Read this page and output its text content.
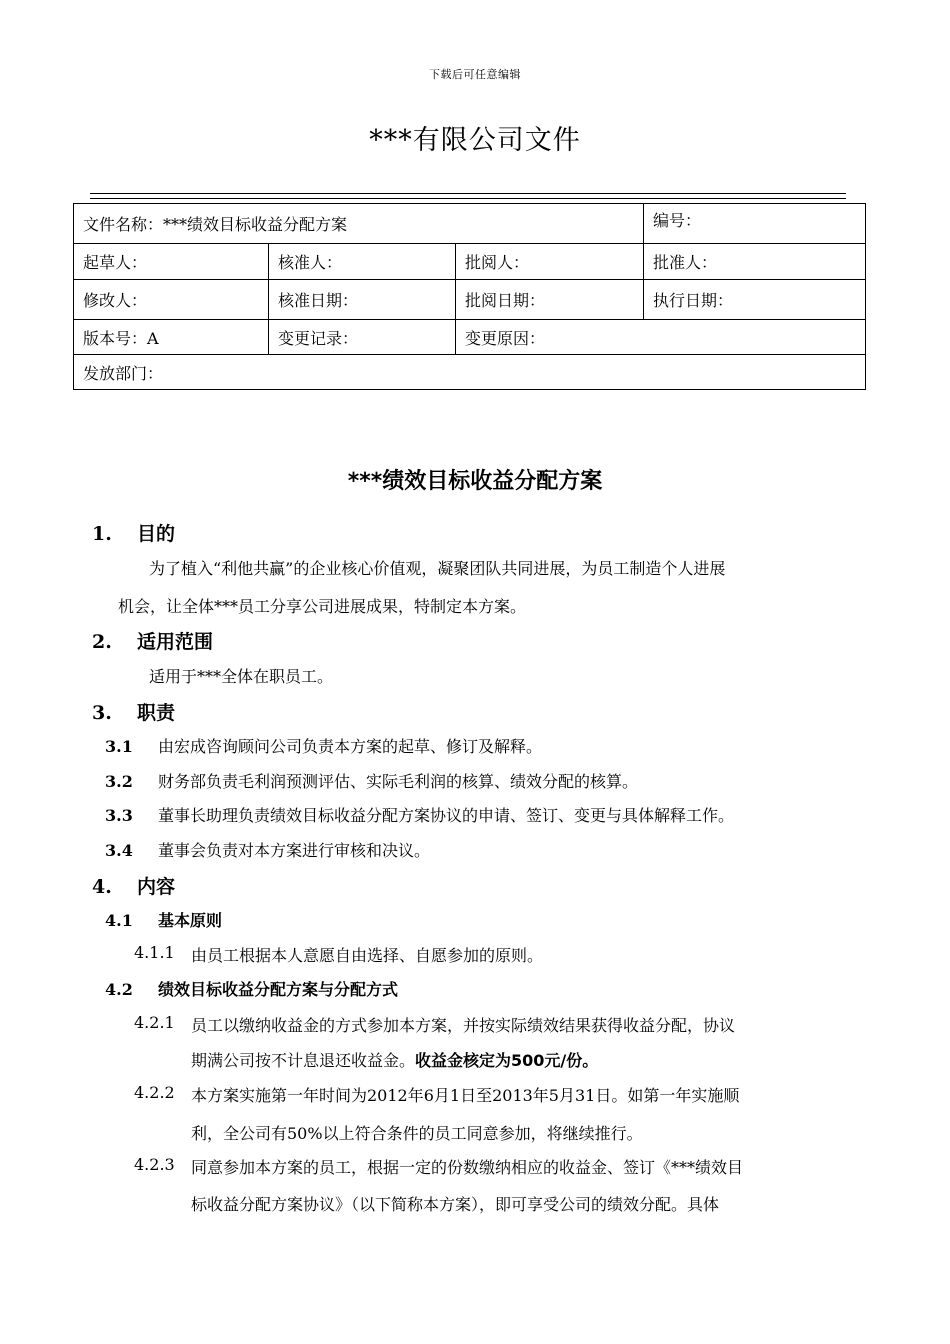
下载后可任意编辑
***有限公司文件
文件名称：***绩效目标收益分配方案			编号：
起草人：	核准人：	批阅人：	批准人：
修改人：	核准日期：	批阅日期：	执行日期：
版本号：A	变更记录：	变更原因：	
发放部门：			
***绩效目标收益分配方案
1. 目的
为了植入“利他共赢”的企业核心价值观，凝聚团队共同进展，为员工制造个人进展
机会，让全体***员工分享公司进展成果，特制定本方案。
2. 适用范围
适用于***全体在职员工。
3. 职责
3.1 由宏成咨询顾问公司负责本方案的起草、修订及解释。
3.2 财务部负责毛利润预测评估、实际毛利润的核算、绩效分配的核算。
3.3 董事长助理负责绩效目标收益分配方案协议的申请、签订、变更与具体解释工作。
3.4 董事会负责对本方案进行审核和决议。
4. 内容
4.1 基本原则
4.1.1 由员工根据本人意愿自由选择、自愿参加的原则。
4.2 绩效目标收益分配方案与分配方式
4.2.1 员工以缴纳收益金的方式参加本方案，并按实际绩效结果获得收益分配，协议
期满公司按不计息退还收益金。收益金核定为500元/份。
4.2.2 本方案实施第一年时间为2012年6月1日至2013年5月31日。如第一年实施顺
利，全公司有50%以上符合条件的员工同意参加，将继续推行。
4.2.3 同意参加本方案的员工，根据一定的份数缴纳相应的收益金、签订《***绩效目
标收益分配方案协议》（以下简称本方案），即可享受公司的绩效分配。具体
